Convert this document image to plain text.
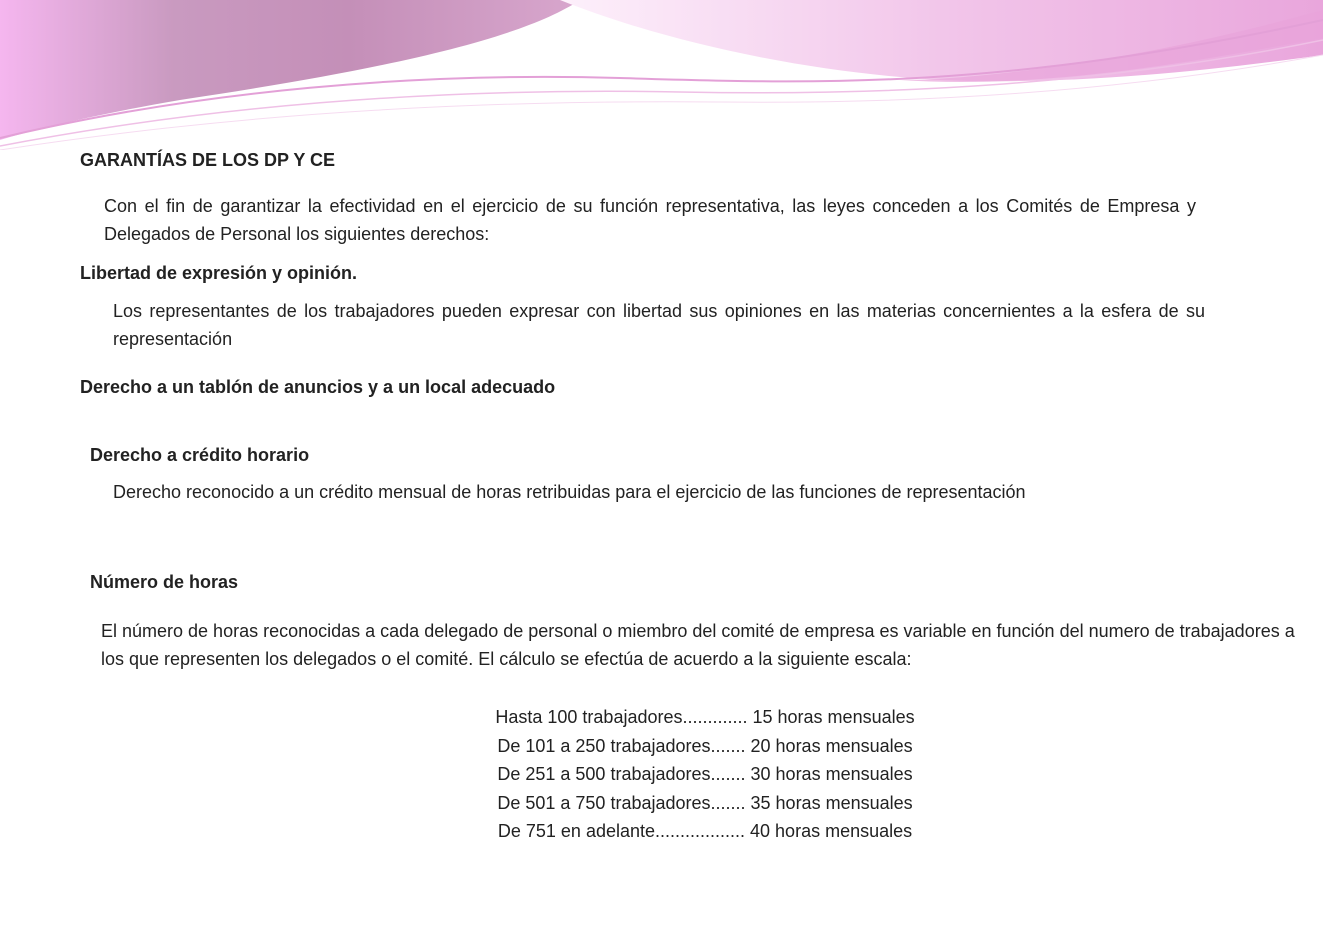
GARANTÍAS DE LOS DP Y CE

Con el fin de garantizar la efectividad en el ejercicio de su función representativa, las leyes conceden a los Comités de Empresa y Delegados de Personal los siguientes derechos:

Libertad de expresión y opinión.

Los representantes de los trabajadores pueden expresar con libertad sus opiniones en las materias concernientes a la esfera de su representación

Derecho a un tablón de anuncios y a un local adecuado
Derecho a crédito horario

Derecho reconocido a un crédito mensual de horas retribuidas para el ejercicio de las funciones de representación

Número de horas

El número de horas reconocidas a cada delegado de personal o miembro del comité de empresa es variable en función del numero de trabajadores a los que representen los delegados o el comité. El cálculo se efectúa de acuerdo a la siguiente escala:

Hasta 100 trabajadores............. 15 horas mensuales
De 101 a 250 trabajadores....... 20 horas mensuales
De 251 a 500 trabajadores....... 30 horas mensuales
De 501 a 750 trabajadores....... 35 horas mensuales
De 751 en adelante.................. 40 horas mensuales
